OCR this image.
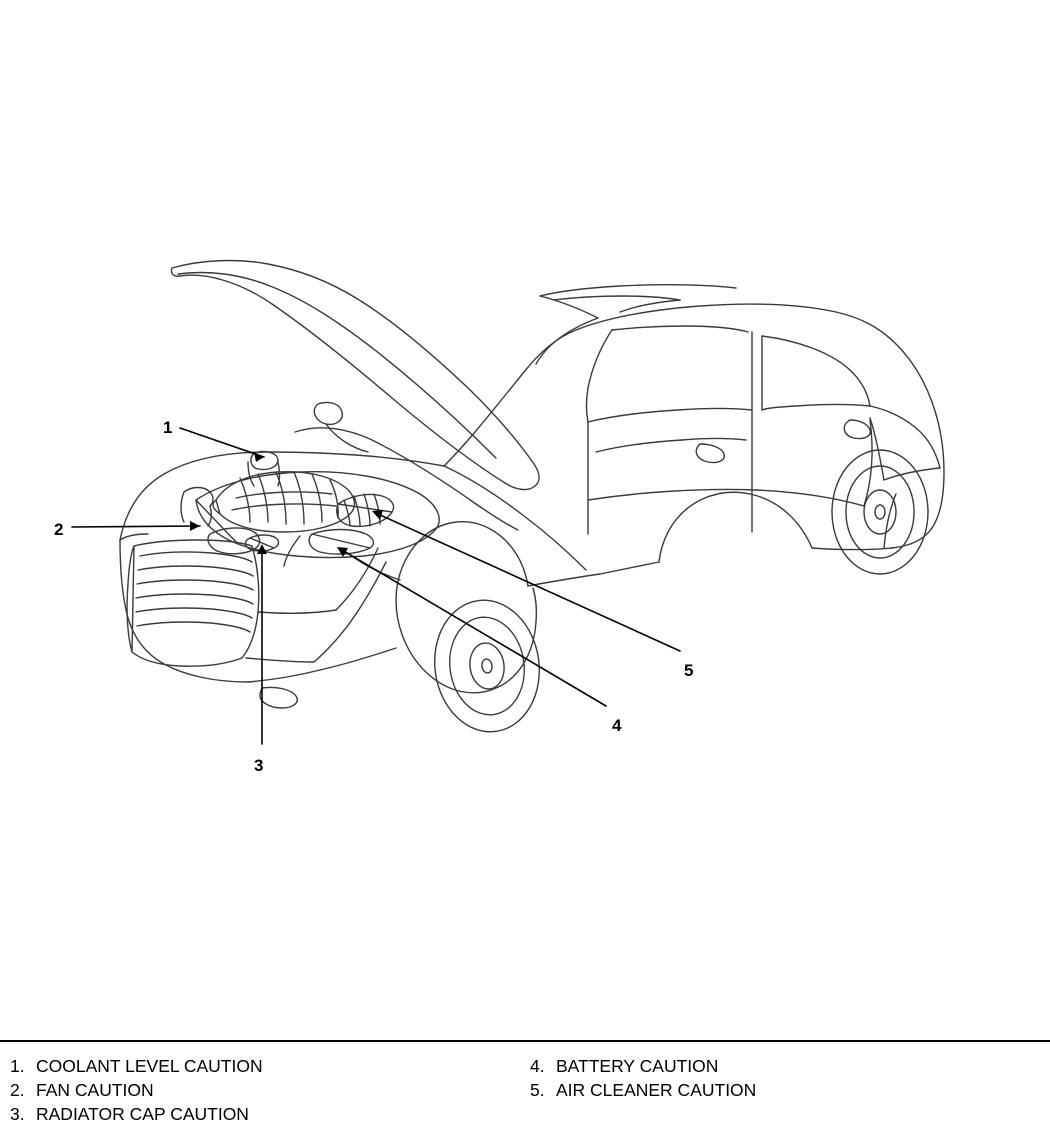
1
2
3
4
5
1. COOLANT LEVEL CAUTION
2. FAN CAUTION
3. RADIATOR CAP CAUTION
4. BATTERY CAUTION
5. AIR CLEANER CAUTION
